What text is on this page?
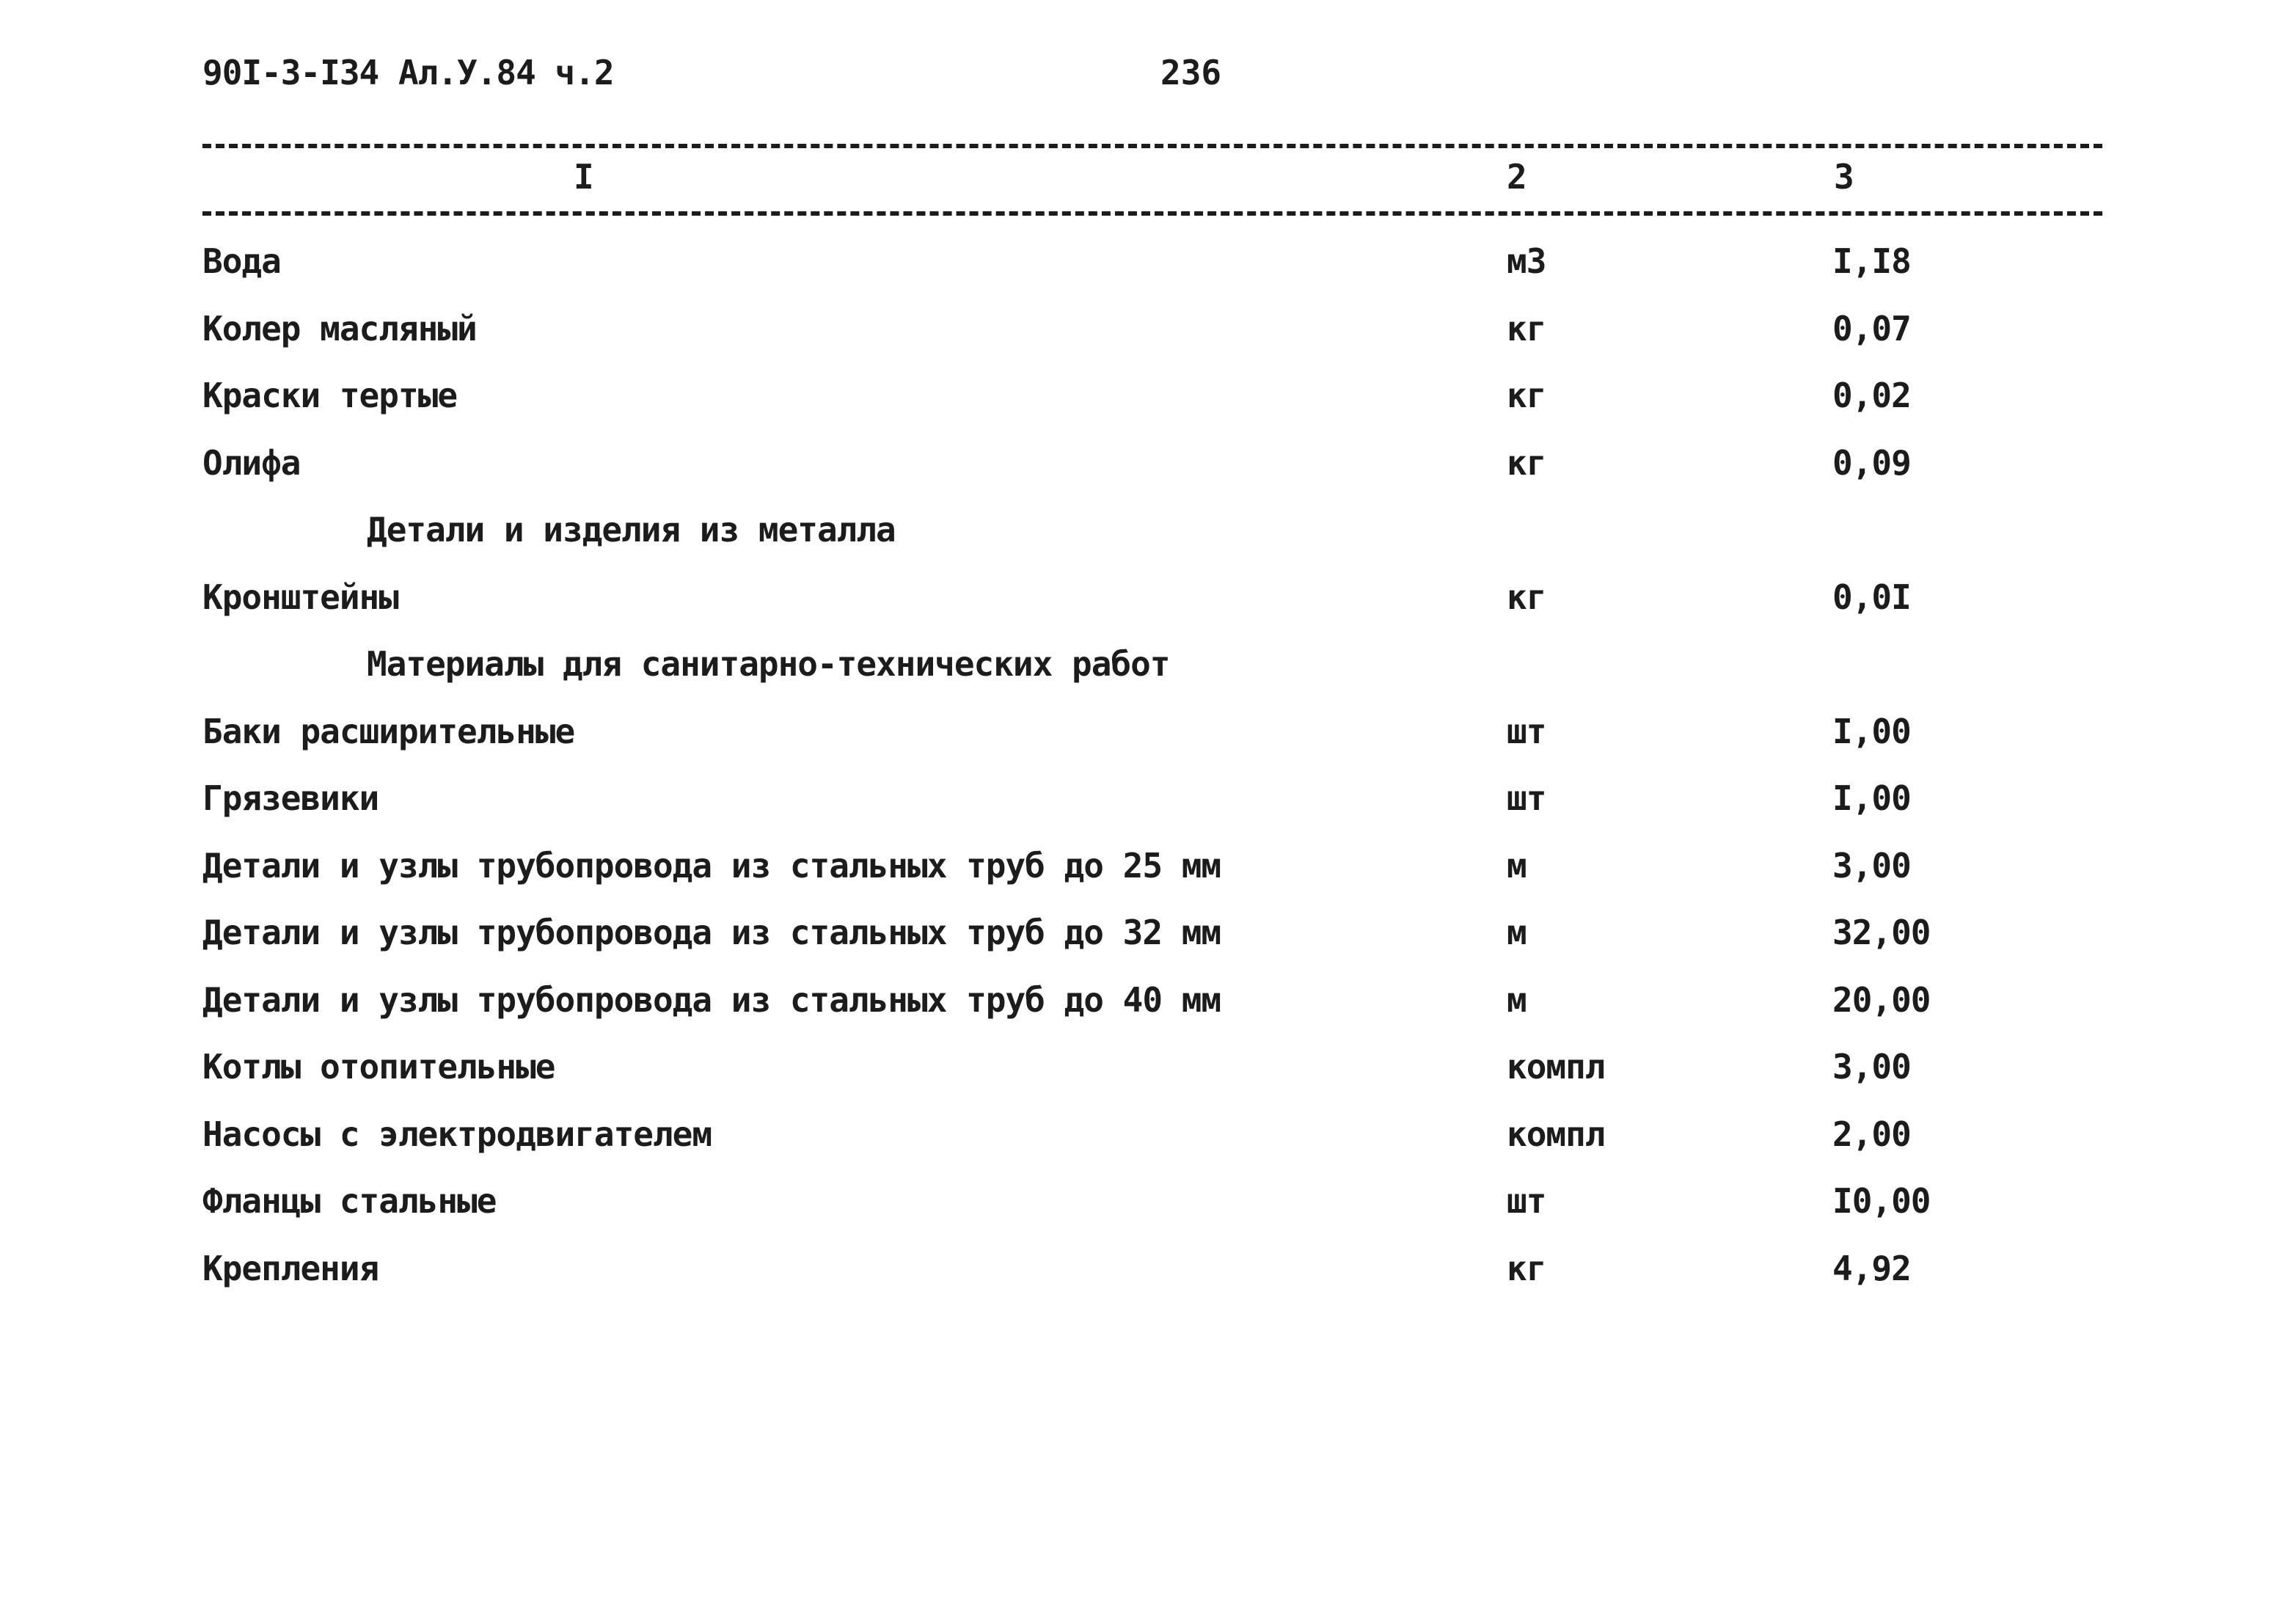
90I-3-I34 Ал.У.84 ч.2	236
I	2	3
Вода	м3	I,I8
Колер масляный	кг	0,07
Краски тертые	кг	0,02
Олифа	кг	0,09
Детали и изделия из металла
Кронштейны	кг	0,0I
Материалы для санитарно-технических работ
Баки расширительные	шт	I,00
Грязевики	шт	I,00
Детали и узлы трубопровода из стальных труб до 25 мм	м	3,00
Детали и узлы трубопровода из стальных труб до 32 мм	м	32,00
Детали и узлы трубопровода из стальных труб до 40 мм	м	20,00
Котлы отопительные	компл	3,00
Насосы с электродвигателем	компл	2,00
Фланцы стальные	шт	I0,00
Крепления	кг	4,92
